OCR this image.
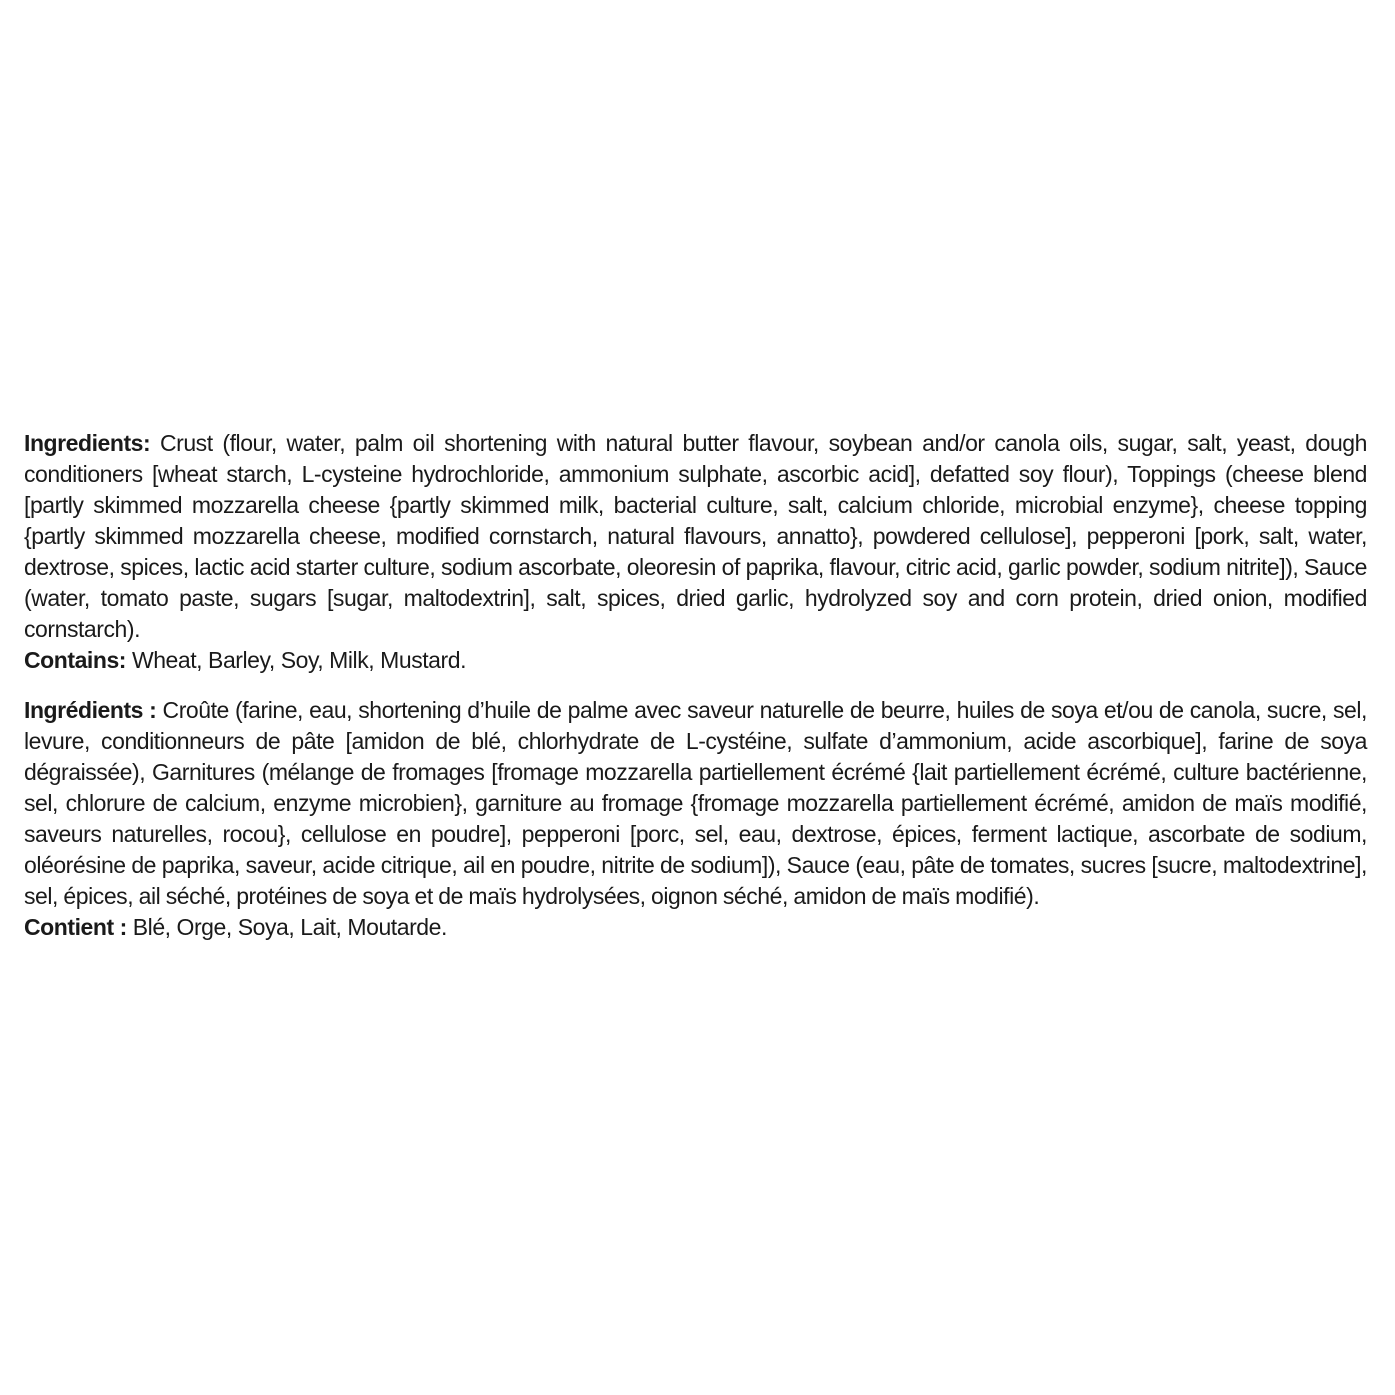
Ingredients: Crust (flour, water, palm oil shortening with natural butter flavour, soybean and/or canola oils, sugar, salt, yeast, dough conditioners [wheat starch, L-cysteine hydrochloride, ammonium sulphate, ascorbic acid], defatted soy flour), Toppings (cheese blend [partly skimmed mozzarella cheese {partly skimmed milk, bacterial culture, salt, calcium chloride, microbial enzyme}, cheese topping {partly skimmed mozzarella cheese, modified cornstarch, natural flavours, annatto}, powdered cellulose], pepperoni [pork, salt, water, dextrose, spices, lactic acid starter culture, sodium ascorbate, oleoresin of paprika, flavour, citric acid, garlic powder, sodium nitrite]), Sauce (water, tomato paste, sugars [sugar, maltodextrin], salt, spices, dried garlic, hydrolyzed soy and corn protein, dried onion, modified cornstarch).

Contains: Wheat, Barley, Soy, Milk, Mustard.

Ingrédients : Croûte (farine, eau, shortening d’huile de palme avec saveur naturelle de beurre, huiles de soya et/ou de canola, sucre, sel, levure, conditionneurs de pâte [amidon de blé, chlorhydrate de L-cystéine, sulfate d’ammonium, acide ascorbique], farine de soya dégraissée), Garnitures (mélange de fromages [fromage mozzarella partiellement écrémé {lait partiellement écrémé, culture bactérienne, sel, chlorure de calcium, enzyme microbien}, garniture au fromage {fromage mozzarella partiellement écrémé, amidon de maïs modifié, saveurs naturelles, rocou}, cellulose en poudre], pepperoni [porc, sel, eau, dextrose, épices, ferment lactique, ascorbate de sodium, oléorésine de paprika, saveur, acide citrique, ail en poudre, nitrite de sodium]), Sauce (eau, pâte de tomates, sucres [sucre, maltodextrine], sel, épices, ail séché, protéines de soya et de maïs hydrolysées, oignon séché, amidon de maïs modifié).

Contient : Blé, Orge, Soya, Lait, Moutarde.
